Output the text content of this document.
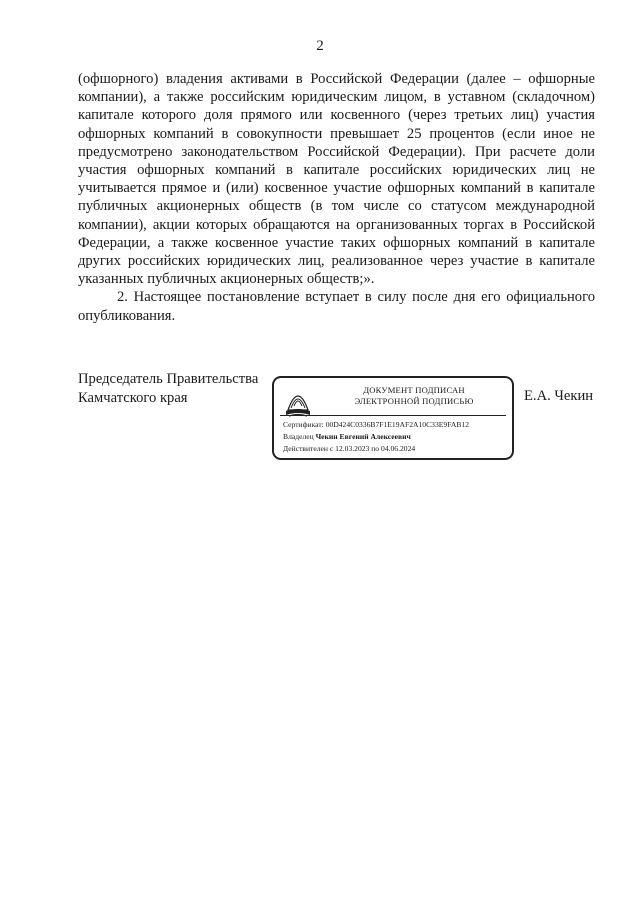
2

(офшорного) владения активами в Российской Федерации (далее – офшорные компании), а также российским юридическим лицом, в уставном (складочном) капитале которого доля прямого или косвенного (через третьих лиц) участия офшорных компаний в совокупности превышает 25 процентов (если иное не предусмотрено законодательством Российской Федерации). При расчете доли участия офшорных компаний в капитале российских юридических лиц не учитывается прямое и (или) косвенное участие офшорных компаний в капитале публичных акционерных обществ (в том числе со статусом международной компании), акции которых обращаются на организованных торгах в Российской Федерации, а также косвенное участие таких офшорных компаний в капитале других российских юридических лиц, реализованное через участие в капитале указанных публичных акционерных обществ;».

2. Настоящее постановление вступает в силу после дня его официального опубликования.

Председатель Правительства
Камчатского края	ДОКУМЕНТ ПОДПИСАН
ЭЛЕКТРОННОЙ ПОДПИСЬЮ
Сертификат: 00D424C0336B7F1E19AF2A10C33E9FAB12
Владелец Чекин Евгений Алексеевич
Действителен с 12.03.2023 по 04.06.2024
Е.А. Чекин
